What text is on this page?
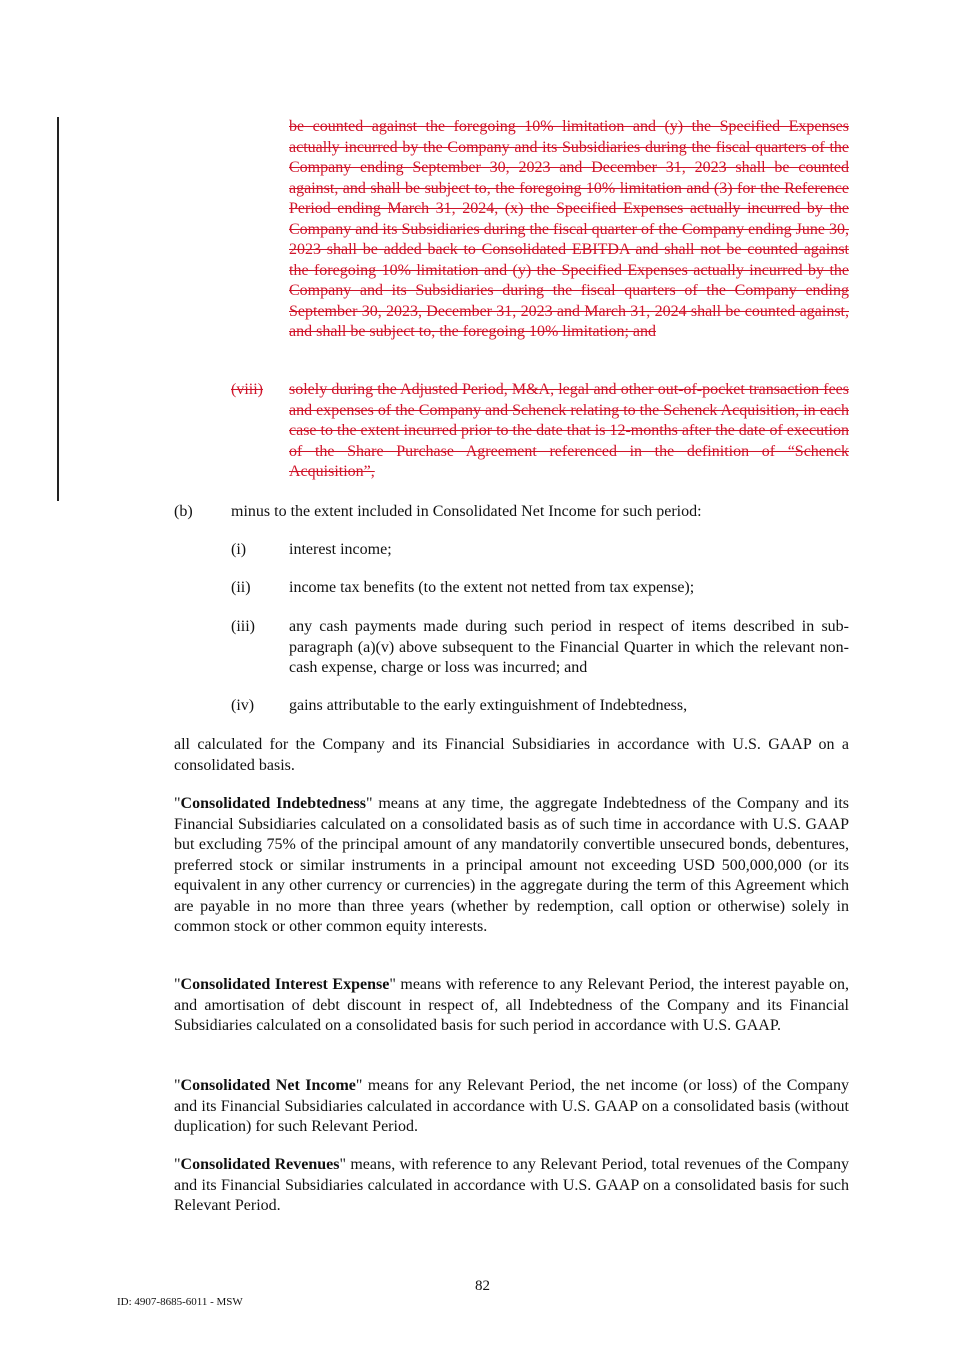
be counted against the foregoing 10% limitation and (y) the Specified Expenses actually incurred by the Company and its Subsidiaries during the fiscal quarters of the Company ending September 30, 2023 and December 31, 2023 shall be counted against, and shall be subject to, the foregoing 10% limitation and (3) for the Reference Period ending March 31, 2024, (x) the Specified Expenses actually incurred by the Company and its Subsidiaries during the fiscal quarter of the Company ending June 30, 2023 shall be added back to Consolidated EBITDA and shall not be counted against the foregoing 10% limitation and (y) the Specified Expenses actually incurred by the Company and its Subsidiaries during the fiscal quarters of the Company ending September 30, 2023, December 31, 2023 and March 31, 2024 shall be counted against, and shall be subject to, the foregoing 10% limitation; and
(viii) solely during the Adjusted Period, M&A, legal and other out-of-pocket transaction fees and expenses of the Company and Schenck relating to the Schenck Acquisition, in each case to the extent incurred prior to the date that is 12-months after the date of execution of the Share Purchase Agreement referenced in the definition of “Schenck Acquisition”,
(b) minus to the extent included in Consolidated Net Income for such period:
(i)	interest income;
(ii) income tax benefits (to the extent not netted from tax expense);
(iii) any cash payments made during such period in respect of items described in sub-paragraph (a)(v) above subsequent to the Financial Quarter in which the relevant non-cash expense, charge or loss was incurred; and
(iv) gains attributable to the early extinguishment of Indebtedness,
all calculated for the Company and its Financial Subsidiaries in accordance with U.S. GAAP on a consolidated basis.
"Consolidated Indebtedness" means at any time, the aggregate Indebtedness of the Company and its Financial Subsidiaries calculated on a consolidated basis as of such time in accordance with U.S. GAAP but excluding 75% of the principal amount of any mandatorily convertible unsecured bonds, debentures, preferred stock or similar instruments in a principal amount not exceeding USD 500,000,000 (or its equivalent in any other currency or currencies) in the aggregate during the term of this Agreement which are payable in no more than three years (whether by redemption, call option or otherwise) solely in common stock or other common equity interests.
"Consolidated Interest Expense" means with reference to any Relevant Period, the interest payable on, and amortisation of debt discount in respect of, all Indebtedness of the Company and its Financial Subsidiaries calculated on a consolidated basis for such period in accordance with U.S. GAAP.
"Consolidated Net Income" means for any Relevant Period, the net income (or loss) of the Company and its Financial Subsidiaries calculated in accordance with U.S. GAAP on a consolidated basis (without duplication) for such Relevant Period.
"Consolidated Revenues" means, with reference to any Relevant Period, total revenues of the Company and its Financial Subsidiaries calculated in accordance with U.S. GAAP on a consolidated basis for such Relevant Period.
82
ID: 4907-8685-6011 - MSW
